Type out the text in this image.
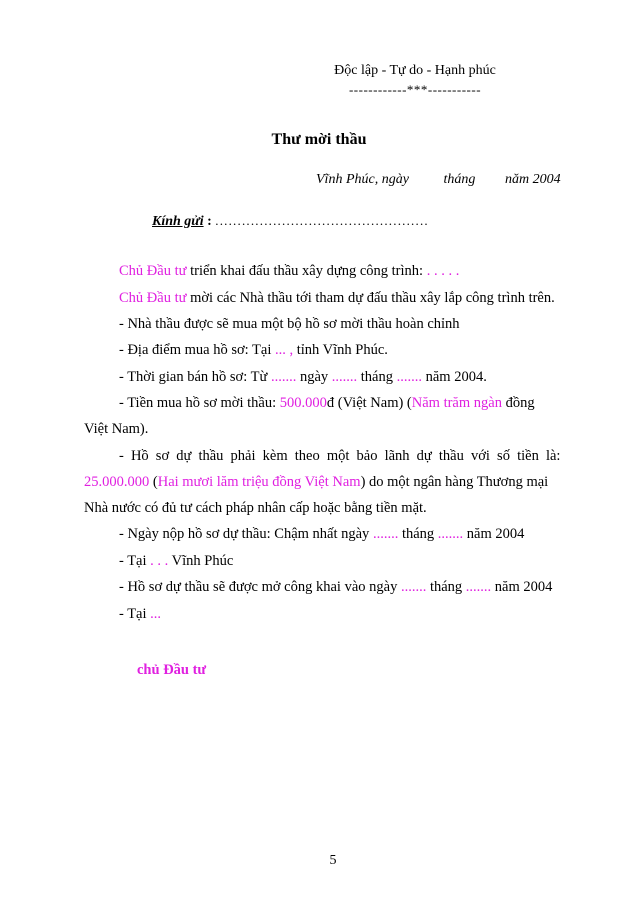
Độc lập - Tự do - Hạnh phúc
------------***-----------
Thư mời thầu
Vĩnh Phúc, ngày tháng năm 2004
Kính gửi : ................................................
Chủ Đầu tư triển khai đấu thầu xây dựng công trình: . . . . .
Chủ Đầu tư mời các Nhà thầu tới tham dự đấu thầu xây lắp công trình trên.
- Nhà thầu được sẽ mua một bộ hồ sơ mời thầu hoàn chỉnh
- Địa điểm mua hồ sơ: Tại ... , tỉnh Vĩnh Phúc.
- Thời gian bán hồ sơ: Từ ....... ngày ....... tháng ....... năm 2004.
- Tiền mua hồ sơ mời thầu: 500.000đ (Việt Nam) (Năm trăm ngàn đồng
Việt Nam).
- Hồ sơ dự thầu phải kèm theo một bảo lãnh dự thầu với số tiền là:
25.000.000 (Hai mươi lăm triệu đồng Việt Nam) do một ngân hàng Thương mại
Nhà nước có đủ tư cách pháp nhân cấp hoặc bằng tiền mặt.
- Ngày nộp hồ sơ dự thầu: Chậm nhất ngày ....... tháng ....... năm 2004
- Tại . . . Vĩnh Phúc
- Hồ sơ dự thầu sẽ được mở công khai vào ngày ....... tháng ....... năm 2004
- Tại ...
chủ Đầu tư
5
